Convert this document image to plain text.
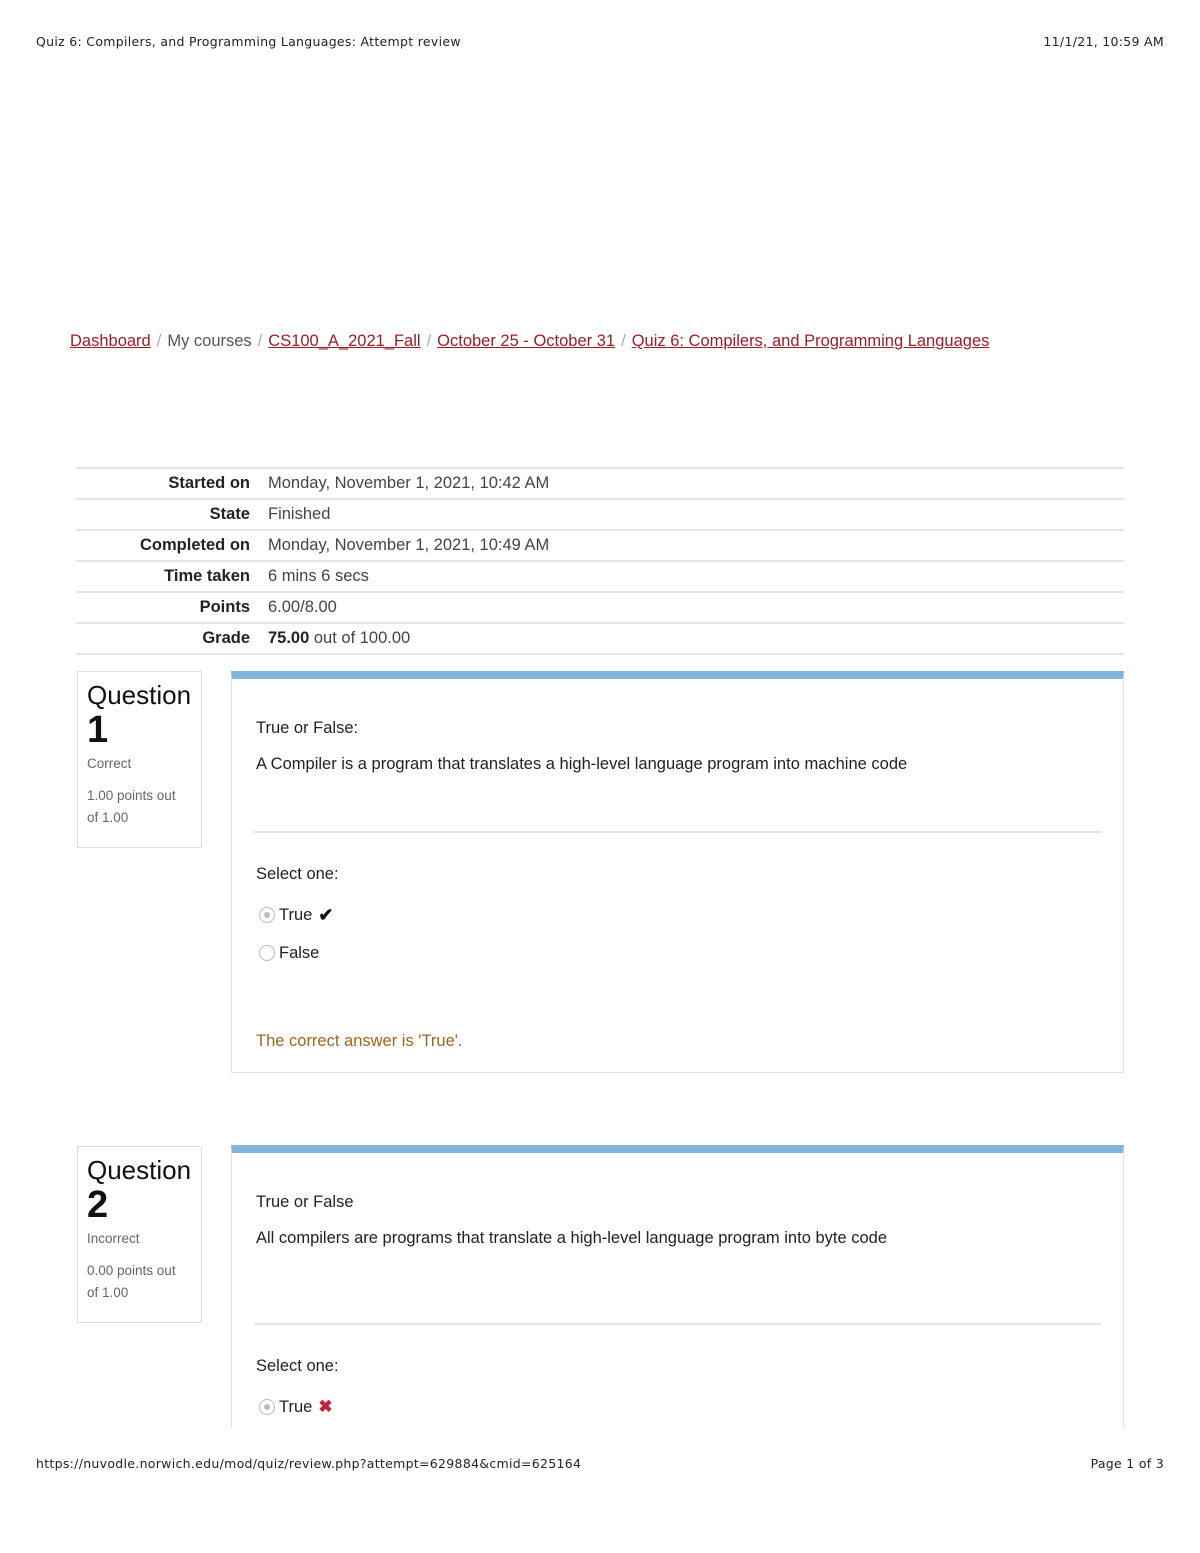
Quiz 6: Compilers, and Programming Languages: Attempt review	11/1/21, 10:59 AM
Dashboard / My courses / CS100_A_2021_Fall / October 25 - October 31 / Quiz 6: Compilers, and Programming Languages
Started on	Monday, November 1, 2021, 10:42 AM
State	Finished
Completed on	Monday, November 1, 2021, 10:49 AM
Time taken	6 mins 6 secs
Points	6.00/8.00
Grade	75.00 out of 100.00
Question
1
Correct
1.00 points out
of 1.00

True or False:

A Compiler is a program that translates a high-level language program into machine code

Select one:
True ✔
False
The correct answer is 'True'.
Question
2
Incorrect
0.00 points out
of 1.00

True or False

All compilers are programs that translate a high-level language program into byte code

Select one:
True ✖
https://nuvodle.norwich.edu/mod/quiz/review.php?attempt=629884&cmid=625164	Page 1 of 3
